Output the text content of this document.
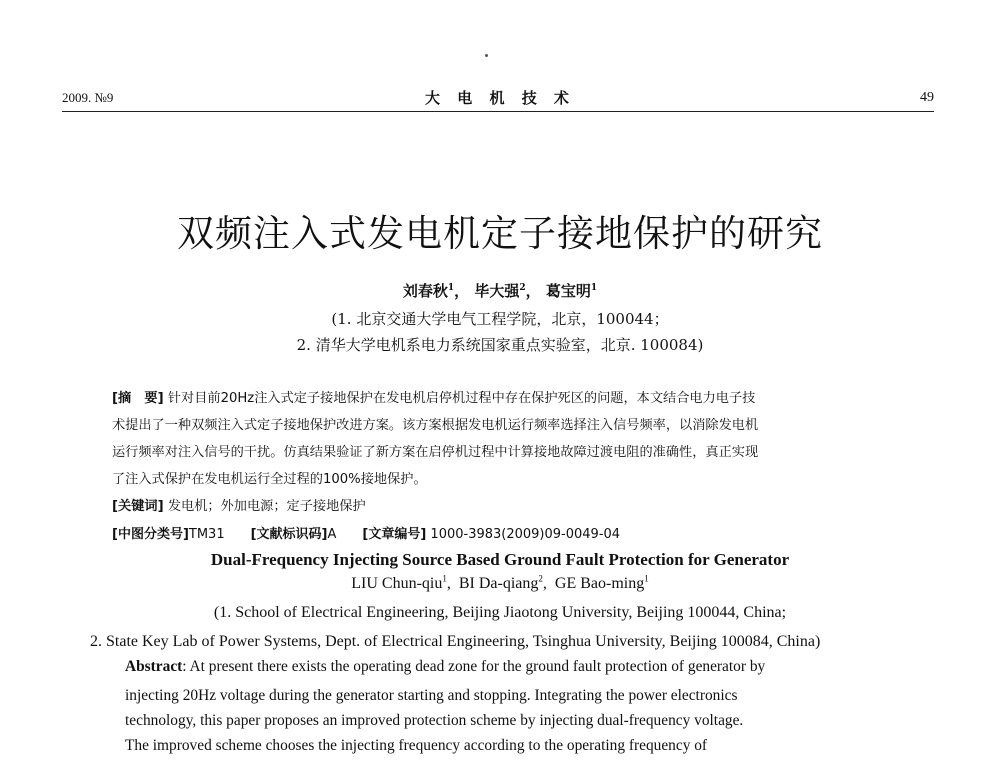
2009. №9	大 电 机 技 术	49
双频注入式发电机定子接地保护的研究
刘春秋$^1$， 毕大强$^2$， 葛宝明$^1$
(1. 北京交通大学电气工程学院，北京，100044；
2. 清华大学电机系电力系统国家重点实验室，北京. 100084)
[摘　要] 针对目前20Hz注入式定子接地保护在发电机启停机过程中存在保护死区的问题，本文结合电力电子技
术提出了一种双频注入式定子接地保护改进方案。该方案根据发电机运行频率选择注入信号频率，以消除发电机
运行频率对注入信号的干扰。仿真结果验证了新方案在启停机过程中计算接地故障过渡电阻的准确性，真正实现
了注入式保护在发电机运行全过程的100%接地保护。
[关键词] 发电机；外加电源；定子接地保护
[中图分类号]TM31 [文献标识码]A [文章编号] 1000-3983(2009)09-0049-04
Dual-Frequency Injecting Source Based Ground Fault Protection for Generator
LIU Chun-qiu$^1$,  BI Da-qiang$^2$,  GE Bao-ming$^1$
(1. School of Electrical Engineering, Beijing Jiaotong University, Beijing 100044, China;
2. State Key Lab of Power Systems, Dept. of Electrical Engineering, Tsinghua University, Beijing 100084, China)
Abstract: At present there exists the operating dead zone for the ground fault protection of generator by
injecting 20Hz voltage during the generator starting and stopping. Integrating the power electronics
technology, this paper proposes an improved protection scheme by injecting dual-frequency voltage.
The improved scheme chooses the injecting frequency according to the operating frequency of
